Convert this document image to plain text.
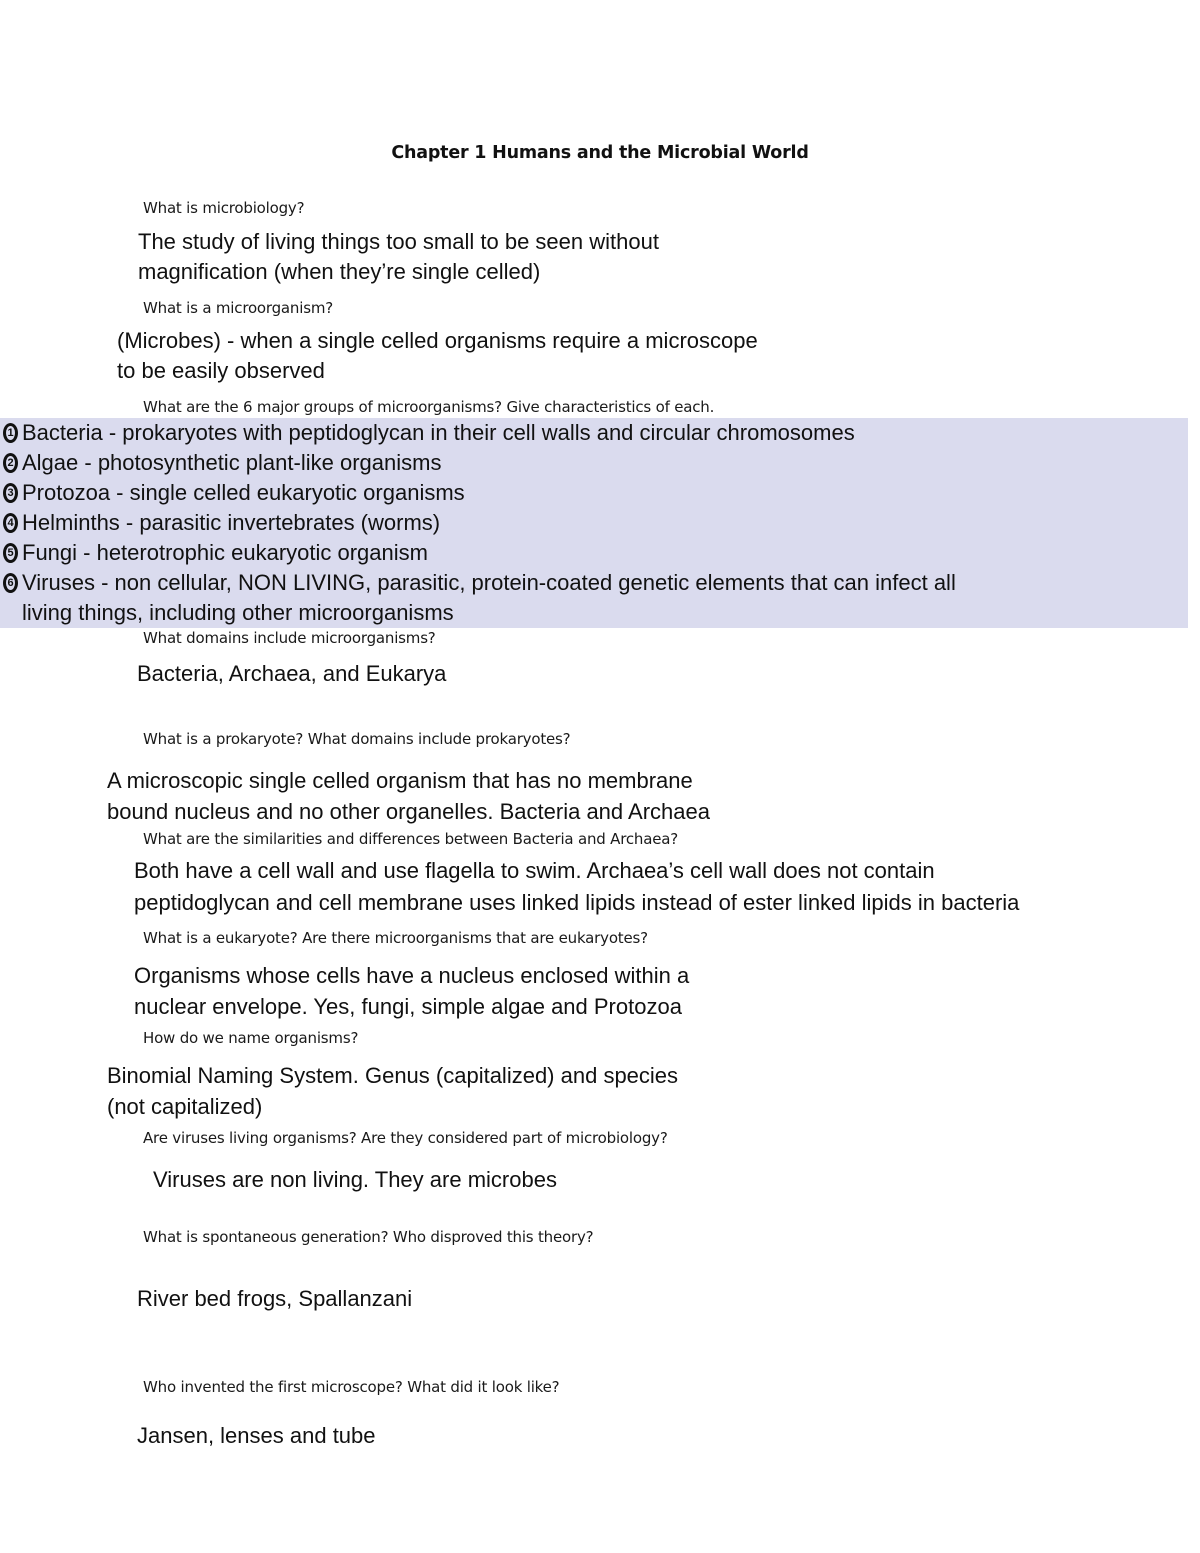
Chapter 1 Humans and the Microbial World
What is microbiology?
The study of living things too small to be seen without
magnification (when they’re single celled)
What is a microorganism?
(Microbes) - when a single celled organisms require a microscope
to be easily observed
What are the 6 major groups of microorganisms? Give characteristics of each.
1 Bacteria - prokaryotes with peptidoglycan in their cell walls and circular chromosomes
2 Algae - photosynthetic plant-like organisms
3 Protozoa - single celled eukaryotic organisms
4 Helminths - parasitic invertebrates (worms)
5 Fungi - heterotrophic eukaryotic organism
6 Viruses - non cellular, NON LIVING, parasitic, protein-coated genetic elements that can infect all
living things, including other microorganisms
What domains include microorganisms?
Bacteria, Archaea, and Eukarya
What is a prokaryote? What domains include prokaryotes?
A microscopic single celled organism that has no membrane
bound nucleus and no other organelles. Bacteria and Archaea
What are the similarities and differences between Bacteria and Archaea?
Both have a cell wall and use flagella to swim. Archaea’s cell wall does not contain
peptidoglycan and cell membrane uses linked lipids instead of ester linked lipids in bacteria
What is a eukaryote? Are there microorganisms that are eukaryotes?
Organisms whose cells have a nucleus enclosed within a
nuclear envelope. Yes, fungi, simple algae and Protozoa
How do we name organisms?
Binomial Naming System. Genus (capitalized) and species
(not capitalized)
Are viruses living organisms? Are they considered part of microbiology?
Viruses are non living. They are microbes
What is spontaneous generation? Who disproved this theory?
River bed frogs, Spallanzani
Who invented the first microscope? What did it look like?
Jansen, lenses and tube
